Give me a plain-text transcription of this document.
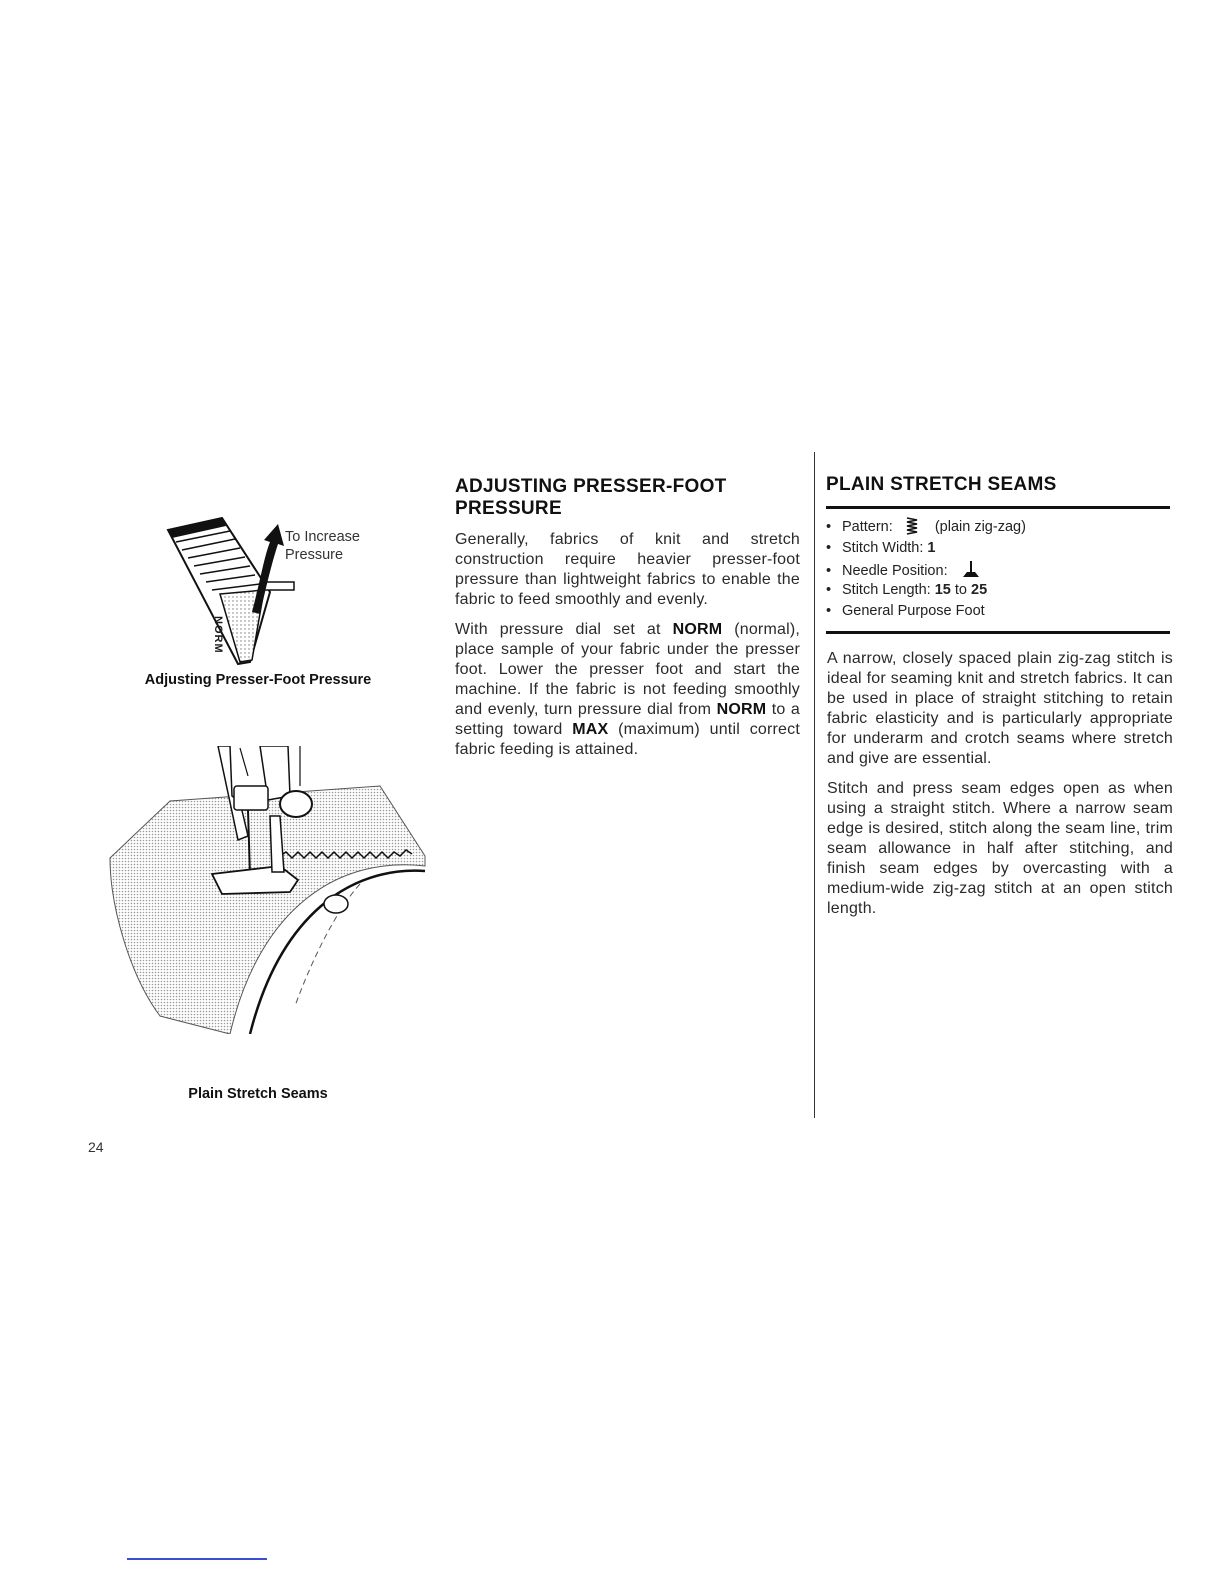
NORM
To Increase
Pressure
Adjusting Presser-Foot Pressure
Plain Stretch Seams
ADJUSTING PRESSER-FOOT
PRESSURE

Generally, fabrics of knit and stretch construction require heavier presser-foot pressure than lightweight fabrics to enable the fabric to feed smoothly and evenly.

With pressure dial set at NORM (normal), place sample of your fabric under the presser foot. Lower the presser foot and start the machine. If the fabric is not feeding smoothly and evenly, turn pressure dial from NORM to a setting toward MAX (maximum) until correct fabric feeding is attained.

PLAIN STRETCH SEAMS
• Pattern:	(plain zig-zag)
• Stitch Width: 1
• Needle Position:
• Stitch Length: 15 to 25
• General Purpose Foot

A narrow, closely spaced plain zig-zag stitch is ideal for seaming knit and stretch fabrics. It can be used in place of straight stitching to retain fabric elasticity and is particularly appropriate for underarm and crotch seams where stretch and give are essential.

Stitch and press seam edges open as when using a straight stitch. Where a narrow seam edge is desired, stitch along the seam line, trim seam allowance in half after stitching, and finish seam edges by overcasting with a medium-wide zig-zag stitch at an open stitch length.

24
